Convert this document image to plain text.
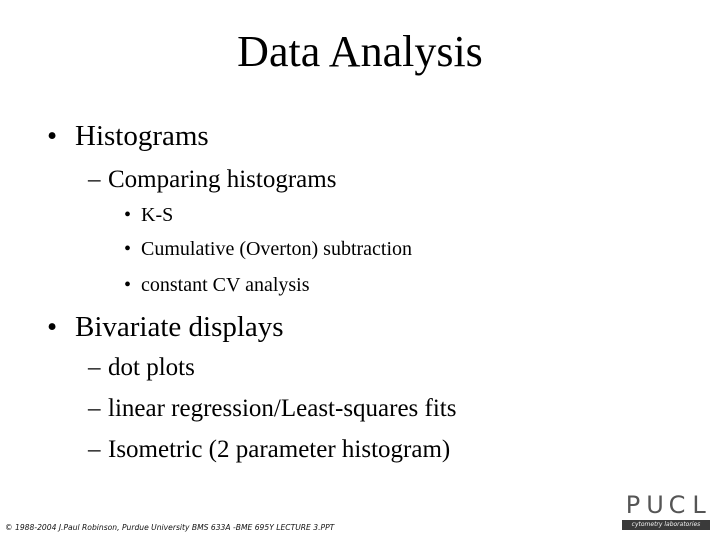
Data Analysis
• Histograms
– Comparing histograms
• K-S
• Cumulative (Overton) subtraction
• constant CV analysis
• Bivariate displays
– dot plots
– linear regression/Least-squares fits
– Isometric (2 parameter histogram)
© 1988-2004 J.Paul Robinson, Purdue University BMS 633A -BME 695Y LECTURE 3.PPT
P U C L
cytometry laboratories
